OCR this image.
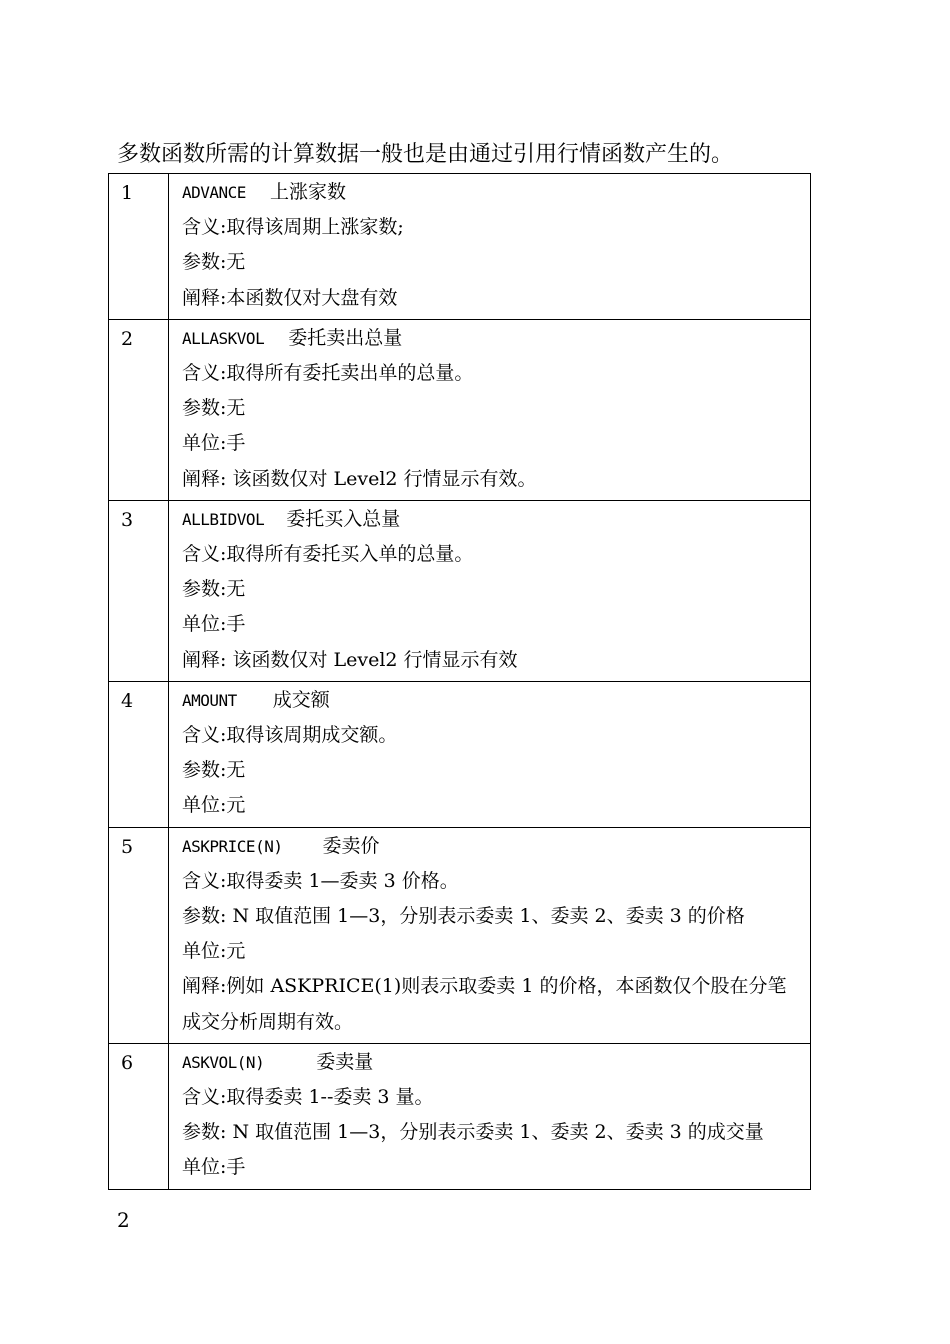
多数函数所需的计算数据一般也是由通过引用行情函数产生的。
1	ADVANCE 上涨家数
含义:取得该周期上涨家数;
参数:无
阐释:本函数仅对大盘有效

2	ALLASKVOL 委托卖出总量
含义:取得所有委托卖出单的总量。
参数:无
单位:手
阐释: 该函数仅对 Level2 行情显示有效。

3	ALLBIDVOL 委托买入总量
含义:取得所有委托买入单的总量。
参数:无
单位:手
阐释: 该函数仅对 Level2 行情显示有效

4	AMOUNT 成交额
含义:取得该周期成交额。
参数:无
单位:元

5	ASKPRICE(N) 委卖价
含义:取得委卖 1—委卖 3 价格。
参数: N 取值范围 1—3，分别表示委卖 1、委卖 2、委卖 3 的价格
单位:元
阐释:例如 ASKPRICE(1)则表示取委卖 1 的价格，本函数仅个股在分笔成交分析周期有效。

6	ASKVOL(N) 委卖量
含义:取得委卖 1--委卖 3 量。
参数: N 取值范围 1—3，分别表示委卖 1、委卖 2、委卖 3 的成交量
单位:手
2
